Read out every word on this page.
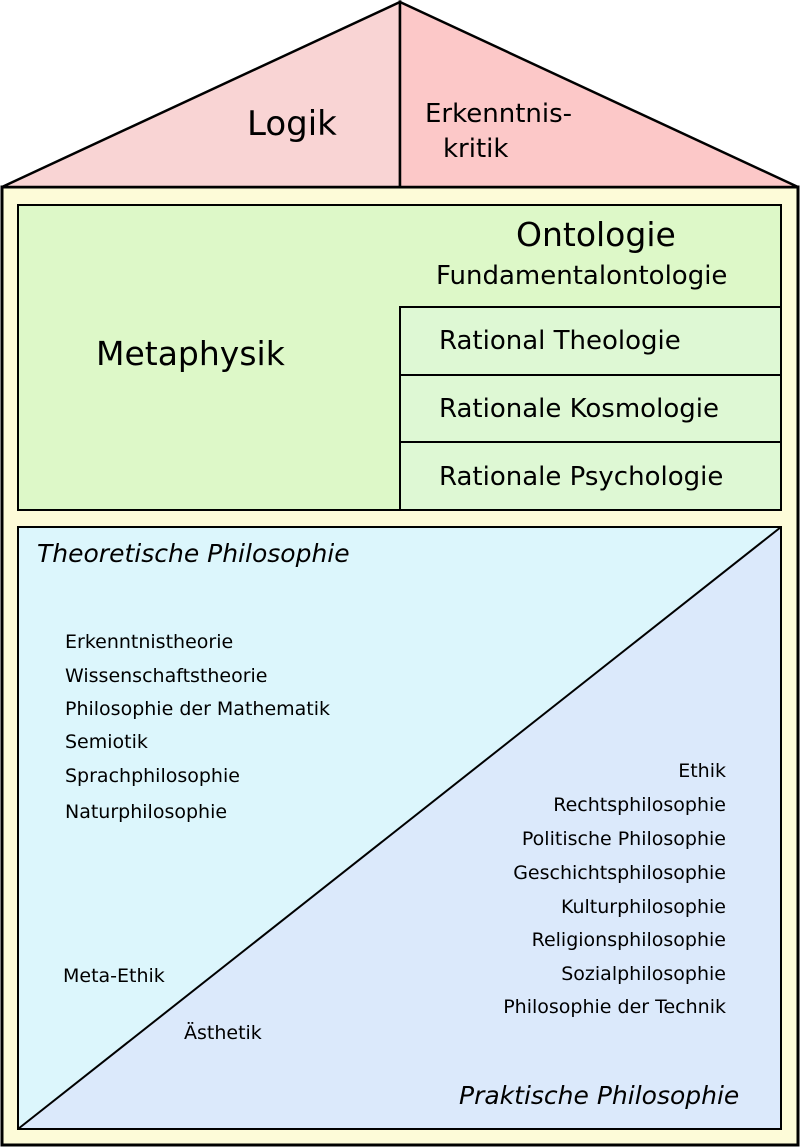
Logik	Erkenntnis-
kritik
Metaphysik
Ontologie
Fundamentalontologie
Rational Theologie
Rationale Kosmologie
Rationale Psychologie
Theoretische Philosophie
Erkenntnistheorie
Wissenschaftstheorie
Philosophie der Mathematik
Semiotik
Sprachphilosophie
Naturphilosophie
Ethik
Rechtsphilosophie
Politische Philosophie
Geschichtsphilosophie
Kulturphilosophie
Religionsphilosophie
Sozialphilosophie
Philosophie der Technik
Meta-Ethik
Ästhetik
Praktische Philosophie
